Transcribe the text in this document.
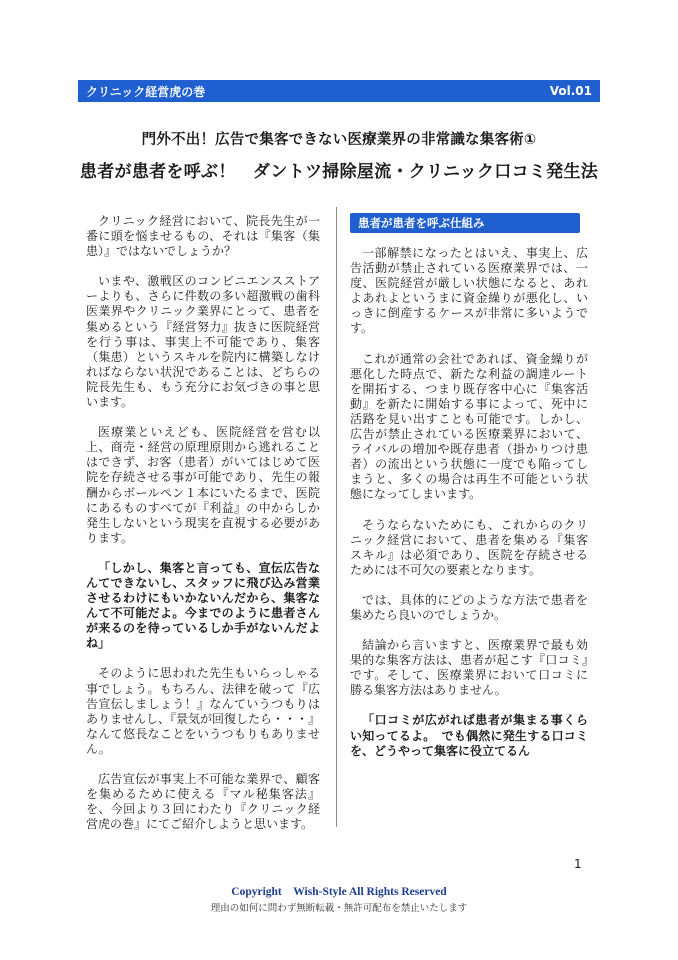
クリニック経営虎の巻	Vol.01
門外不出！広告で集客できない医療業界の非常識な集客術①
患者が患者を呼ぶ！　ダントツ掃除屋流・クリニック口コミ発生法

クリニック経営において、院長先生が一番に頭を悩ませるもの、それは『集客（集患）』ではないでしょうか？

いまや、激戦区のコンビニエンスストアーよりも、さらに件数の多い超激戦の歯科医業界やクリニック業界にとって、患者を集めるという『経営努力』抜きに医院経営を行う事は、事実上不可能であり、集客（集患）というスキルを院内に構築しなければならない状況であることは、どちらの院長先生も、もう充分にお気づきの事と思います。

医療業といえども、医院経営を営む以上、商売・経営の原理原則から逃れることはできず、お客（患者）がいてはじめて医院を存続させる事が可能であり、先生の報酬からボールペン１本にいたるまで、医院にあるものすべてが『利益』の中からしか発生しないという現実を直視する必要があります。

「しかし、集客と言っても、宣伝広告なんてできないし、スタッフに飛び込み営業させるわけにもいかないんだから、集客なんて不可能だよ。今までのように患者さんが来るのを待っているしか手がないんだよね」

そのように思われた先生もいらっしゃる事でしょう。もちろん、法律を破って『広告宣伝しましょう！』なんていうつもりはありませんし、『景気が回復したら・・・』なんて悠長なことをいうつもりもありません。

広告宣伝が事実上不可能な業界で、顧客を集めるために使える『マル秘集客法』を、今回より３回にわたり『クリニック経営虎の巻』にてご紹介しようと思います。

患者が患者を呼ぶ仕組み

一部解禁になったとはいえ、事実上、広告活動が禁止されている医療業界では、一度、医院経営が厳しい状態になると、あれよあれよというまに資金繰りが悪化し、いっきに倒産するケースが非常に多いようです。

これが通常の会社であれば、資金繰りが悪化した時点で、新たな利益の調達ルートを開拓する、つまり既存客中心に『集客活動』を新たに開始する事によって、死中に活路を見い出すことも可能です。しかし、広告が禁止されている医療業界において、ライバルの増加や既存患者（掛かりつけ患者）の流出という状態に一度でも陥ってしまうと、多くの場合は再生不可能という状態になってしまいます。

そうならないためにも、これからのクリニック経営において、患者を集める『集客スキル』は必須であり、医院を存続させるためには不可欠の要素となります。

では、具体的にどのような方法で患者を集めたら良いのでしょうか。

結論から言いますと、医療業界で最も効果的な集客方法は、患者が起こす『口コミ』です。そして、医療業界において口コミに勝る集客方法はありません。

「口コミが広がれば患者が集まる事くらい知ってるよ。　でも偶然に発生する口コミを、どうやって集客に役立てるん

1
Copyright　Wish-Style All Rights Reserved
理由の如何に問わず無断転載・無許可配布を禁止いたします
